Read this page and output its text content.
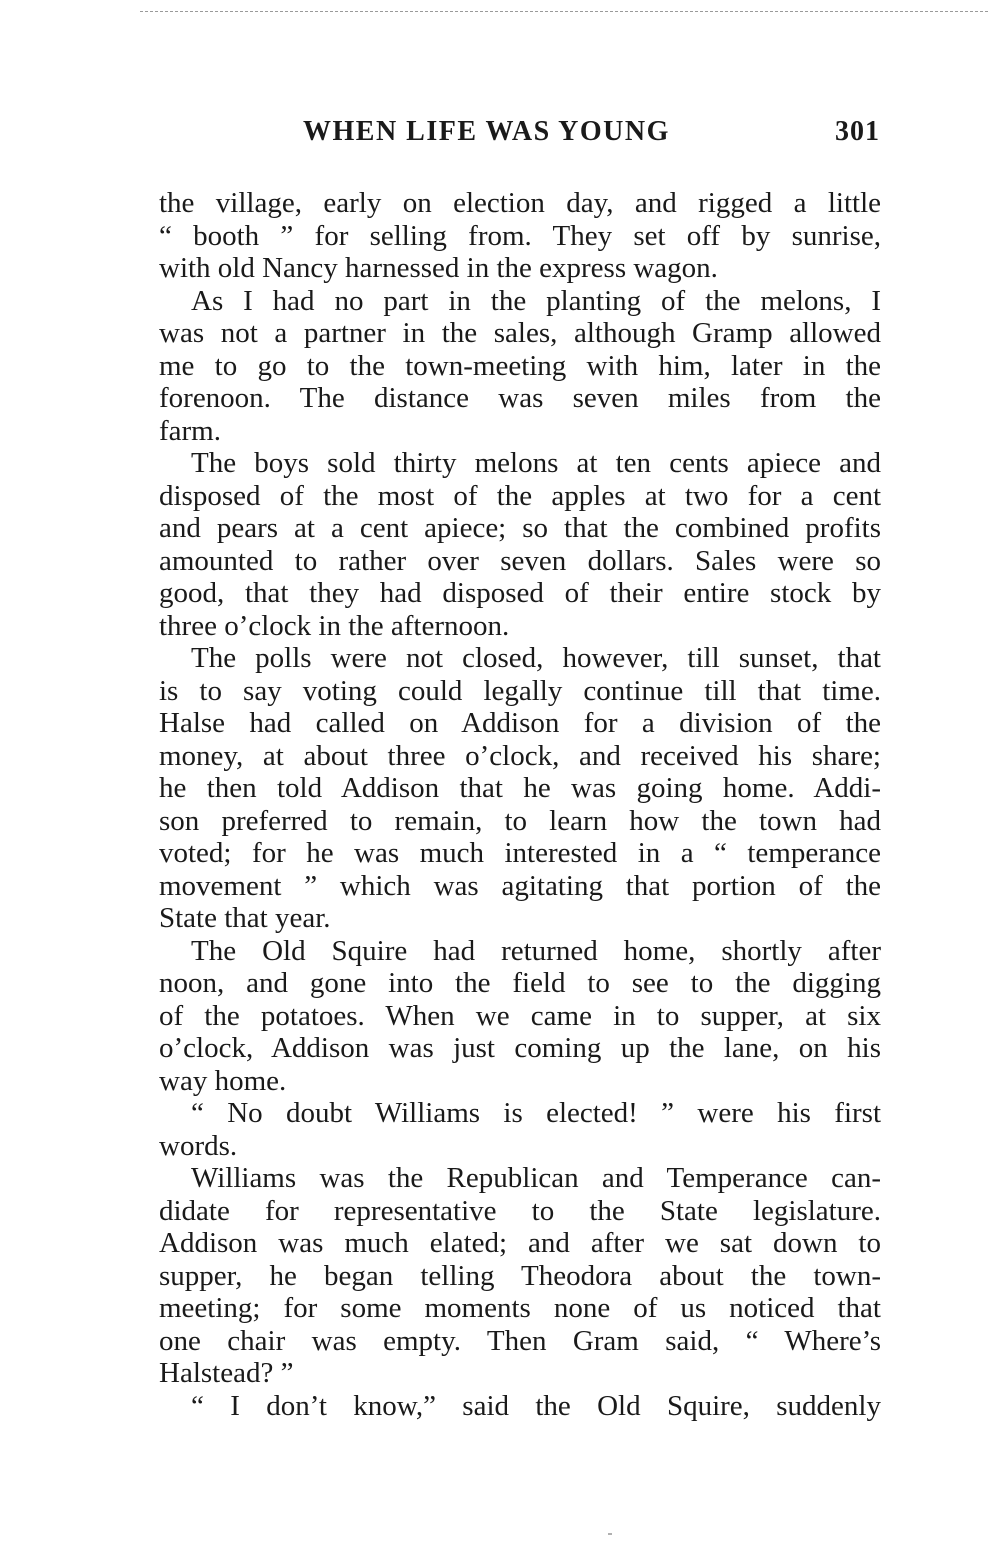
WHEN LIFE WAS YOUNG	301
the village, early on election day, and rigged a little
“ booth ” for selling from. They set off by sunrise,
with old Nancy harnessed in the express wagon.
As I had no part in the planting of the melons, I
was not a partner in the sales, although Gramp allowed
me to go to the town-meeting with him, later in the
forenoon. The distance was seven miles from the
farm.
The boys sold thirty melons at ten cents apiece and
disposed of the most of the apples at two for a cent
and pears at a cent apiece; so that the combined profits
amounted to rather over seven dollars. Sales were so
good, that they had disposed of their entire stock by
three o’clock in the afternoon.
The polls were not closed, however, till sunset, that
is to say voting could legally continue till that time.
Halse had called on Addison for a division of the
money, at about three o’clock, and received his share;
he then told Addison that he was going home. Addi-
son preferred to remain, to learn how the town had
voted; for he was much interested in a “ temperance
movement ” which was agitating that portion of the
State that year.
The Old Squire had returned home, shortly after
noon, and gone into the field to see to the digging
of the potatoes. When we came in to supper, at six
o’clock, Addison was just coming up the lane, on his
way home.
“ No doubt Williams is elected! ” were his first
words.
Williams was the Republican and Temperance can-
didate for representative to the State legislature.
Addison was much elated; and after we sat down to
supper, he began telling Theodora about the town-
meeting; for some moments none of us noticed that
one chair was empty. Then Gram said, “ Where’s
Halstead? ”
“ I don’t know,” said the Old Squire, suddenly
